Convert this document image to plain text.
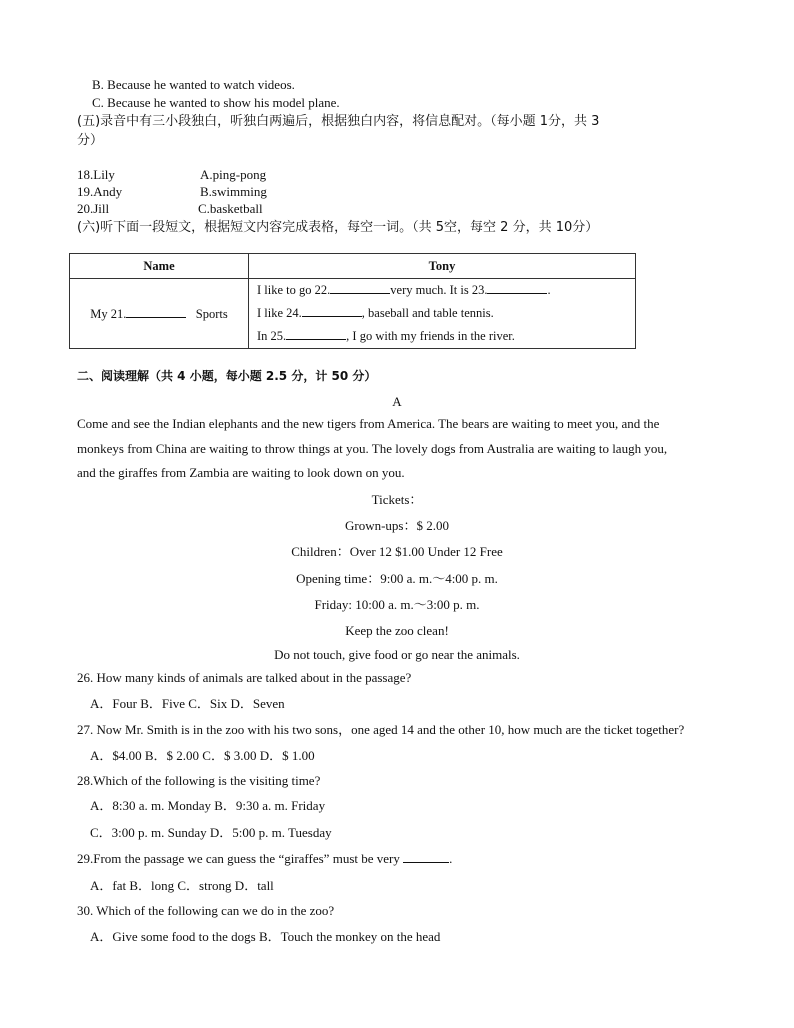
B. Because he wanted to watch videos.
C. Because he wanted to show his model plane.
(五)录音中有三小段独白，听独白两遍后，根据独白内容，将信息配对。（每小题 1分，共 3
分）
18.Lily	A.ping-pong
19.Andy	B.swimming
20.Jill	C.basketball
(六)听下面一段短文，根据短文内容完成表格，每空一词。（共 5空，每空 2 分，共 10分）
Name	Tony
My 21. Sports	I like to go 22. very much. It is 23. .
I like 24. , baseball and table tennis.
In 25. , I go with my friends in the river.
二、阅读理解（共 4 小题，每小题 2.5 分，计 50 分）
A
Come and see the Indian elephants and the new tigers from America. The bears are waiting to meet you, and the
monkeys from China are waiting to throw things at you. The lovely dogs from Australia are waiting to laugh you,
and the giraffes from Zambia are waiting to look down on you.
Tickets：
Grown-ups：$ 2.00
Children：Over 12 $1.00 Under 12 Free
Opening time：9:00 a. m.～4:00 p. m.
Friday: 10:00 a. m.～3:00 p. m.
Keep the zoo clean!
Do not touch, give food or go near the animals.
26. How many kinds of animals are talked about in the passage?
A．Four B．Five C．Six D．Seven
27. Now Mr. Smith is in the zoo with his two sons，one aged 14 and the other 10, how much are the ticket together?
A．$4.00 B．$ 2.00 C．$ 3.00 D．$ 1.00
28.Which of the following is the visiting time?
A．8:30 a. m. Monday B．9:30 a. m. Friday
C．3:00 p. m. Sunday D．5:00 p. m. Tuesday
29.From the passage we can guess the “giraffes” must be very	.
A．fat B．long C．strong D．tall
30. Which of the following can we do in the zoo?
A．Give some food to the dogs B．Touch the monkey on the head
